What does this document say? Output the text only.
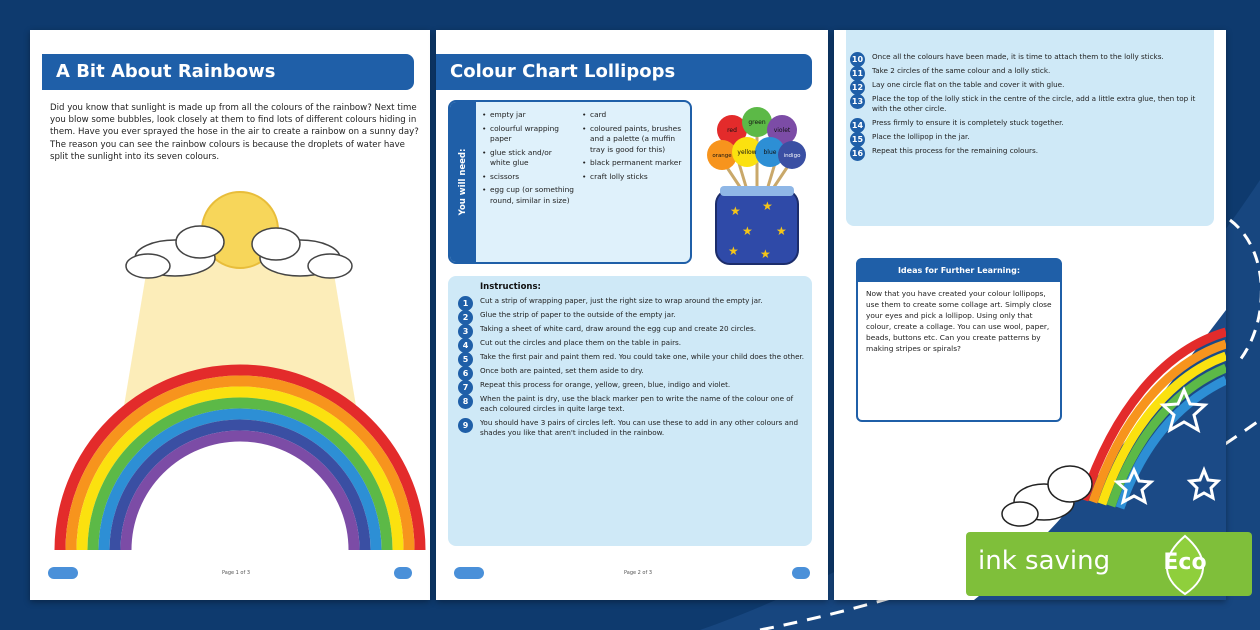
A Bit About Rainbows
Did you know that sunlight is made up from all the colours of the rainbow? Next time you blow some bubbles, look closely at them to find lots of different colours hiding in them. Have you ever sprayed the hose in the air to create a rainbow on a sunny day? The reason you can see the rainbow colours is because the droplets of water have split the sunlight into its seven colours.
Page 1 of 3
Colour Chart Lollipops
You will need:
• empty jar
• colourful wrapping paper
• glue stick and/or white glue
• scissors
• egg cup (or something round, similar in size)
• card
• coloured paints, brushes and a palette (a muffin tray is good for this)
• black permanent marker
• craft lolly sticks
red
green
violet
orange yellow blue indigo
★ ★
★ ★
★ ★
Instructions:
1	Cut a strip of wrapping paper, just the right size to wrap around the empty jar.
2	Glue the strip of paper to the outside of the empty jar.
3	Taking a sheet of white card, draw around the egg cup and create 20 circles.
4	Cut out the circles and place them on the table in pairs.
5	Take the first pair and paint them red. You could take one, while your child does the other.
6	Once both are painted, set them aside to dry.
7	Repeat this process for orange, yellow, green, blue, indigo and violet.
8	When the paint is dry, use the black marker pen to write the name of the colour one of each coloured circles in quite large text.
9	You should have 3 pairs of circles left. You can use these to add in any other colours and shades you like that aren't included in the rainbow.
Page 2 of 3
10 Once all the colours have been made, it is time to attach them to the lolly sticks.
11 Take 2 circles of the same colour and a lolly stick.
12 Lay one circle flat on the table and cover it with glue.
13 Place the top of the lolly stick in the centre of the circle, add a little extra glue, then top it with the other circle.
14 Press firmly to ensure it is completely stuck together.
15 Place the lollipop in the jar.
16 Repeat this process for the remaining colours.
Ideas for Further Learning:
Now that you have created your colour lollipops, use them to create some collage art. Simply close your eyes and pick a lollipop. Using only that colour, create a collage. You can use wool, paper, beads, buttons etc. Can you create patterns by making stripes or spirals?
ink saving	Eco
